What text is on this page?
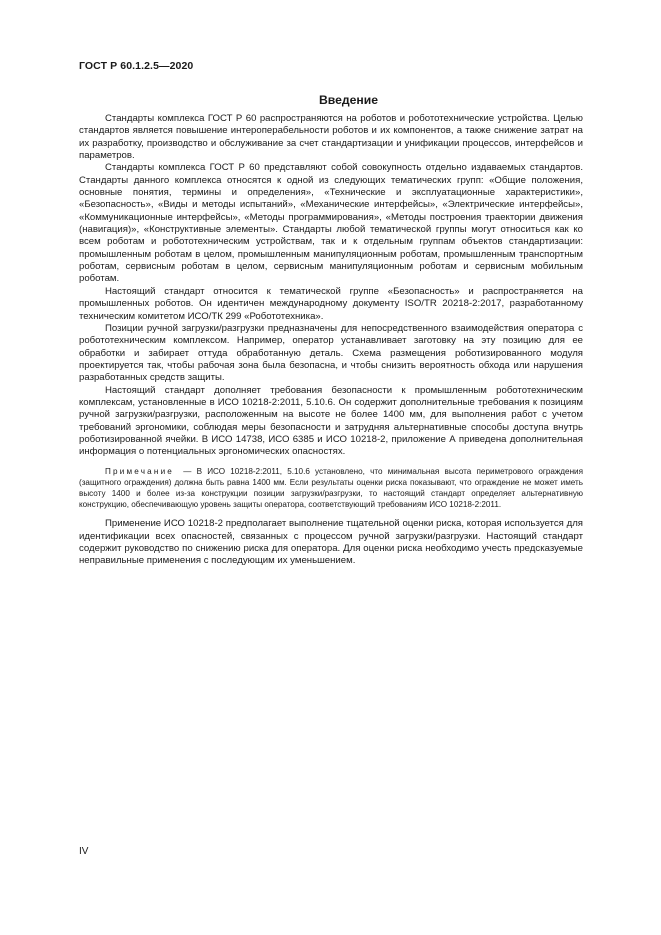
ГОСТ Р 60.1.2.5—2020
Введение

Стандарты комплекса ГОСТ Р 60 распространяются на роботов и робототехнические устройства. Целью стандартов является повышение интероперабельности роботов и их компонентов, а также снижение затрат на их разработку, производство и обслуживание за счет стандартизации и унификации процессов, интерфейсов и параметров.

Стандарты комплекса ГОСТ Р 60 представляют собой совокупность отдельно издаваемых стандартов. Стандарты данного комплекса относятся к одной из следующих тематических групп: «Общие положения, основные понятия, термины и определения», «Технические и эксплуатационные характеристики», «Безопасность», «Виды и методы испытаний», «Механические интерфейсы», «Электрические интерфейсы», «Коммуникационные интерфейсы», «Методы программирования», «Методы построения траектории движения (навигация)», «Конструктивные элементы». Стандарты любой тематической группы могут относиться как ко всем роботам и робототехническим устройствам, так и к отдельным группам объектов стандартизации: промышленным роботам в целом, промышленным манипуляционным роботам, промышленным транспортным роботам, сервисным роботам в целом, сервисным манипуляционным роботам и сервисным мобильным роботам.

Настоящий стандарт относится к тематической группе «Безопасность» и распространяется на промышленных роботов. Он идентичен международному документу ISO/TR 20218-2:2017, разработанному техническим комитетом ИСО/ТК 299 «Робототехника».

Позиции ручной загрузки/разгрузки предназначены для непосредственного взаимодействия оператора с робототехническим комплексом. Например, оператор устанавливает заготовку на эту позицию для ее обработки и забирает оттуда обработанную деталь. Схема размещения роботизированного модуля проектируется так, чтобы рабочая зона была безопасна, и чтобы снизить вероятность обхода или нарушения разработанных средств защиты.

Настоящий стандарт дополняет требования безопасности к промышленным робототехническим комплексам, установленные в ИСО 10218-2:2011, 5.10.6. Он содержит дополнительные требования к позициям ручной загрузки/разгрузки, расположенным на высоте не более 1400 мм, для выполнения работ с учетом требований эргономики, соблюдая меры безопасности и затрудняя альтернативные способы доступа внутрь роботизированной ячейки. В ИСО 14738, ИСО 6385 и ИСО 10218-2, приложение А приведена дополнительная информация о потенциальных эргономических опасностях.

Примечание — В ИСО 10218-2:2011, 5.10.6 установлено, что минимальная высота периметрового ограждения (защитного ограждения) должна быть равна 1400 мм. Если результаты оценки риска показывают, что ограждение не может иметь высоту 1400 и более из-за конструкции позиции загрузки/разгрузки, то настоящий стандарт определяет альтернативную конструкцию, обеспечивающую уровень защиты оператора, соответствующий требованиям ИСО 10218-2:2011.

Применение ИСО 10218-2 предполагает выполнение тщательной оценки риска, которая используется для идентификации всех опасностей, связанных с процессом ручной загрузки/разгрузки. Настоящий стандарт содержит руководство по снижению риска для оператора. Для оценки риска необходимо учесть предсказуемые неправильные применения с последующим их уменьшением.

IV
